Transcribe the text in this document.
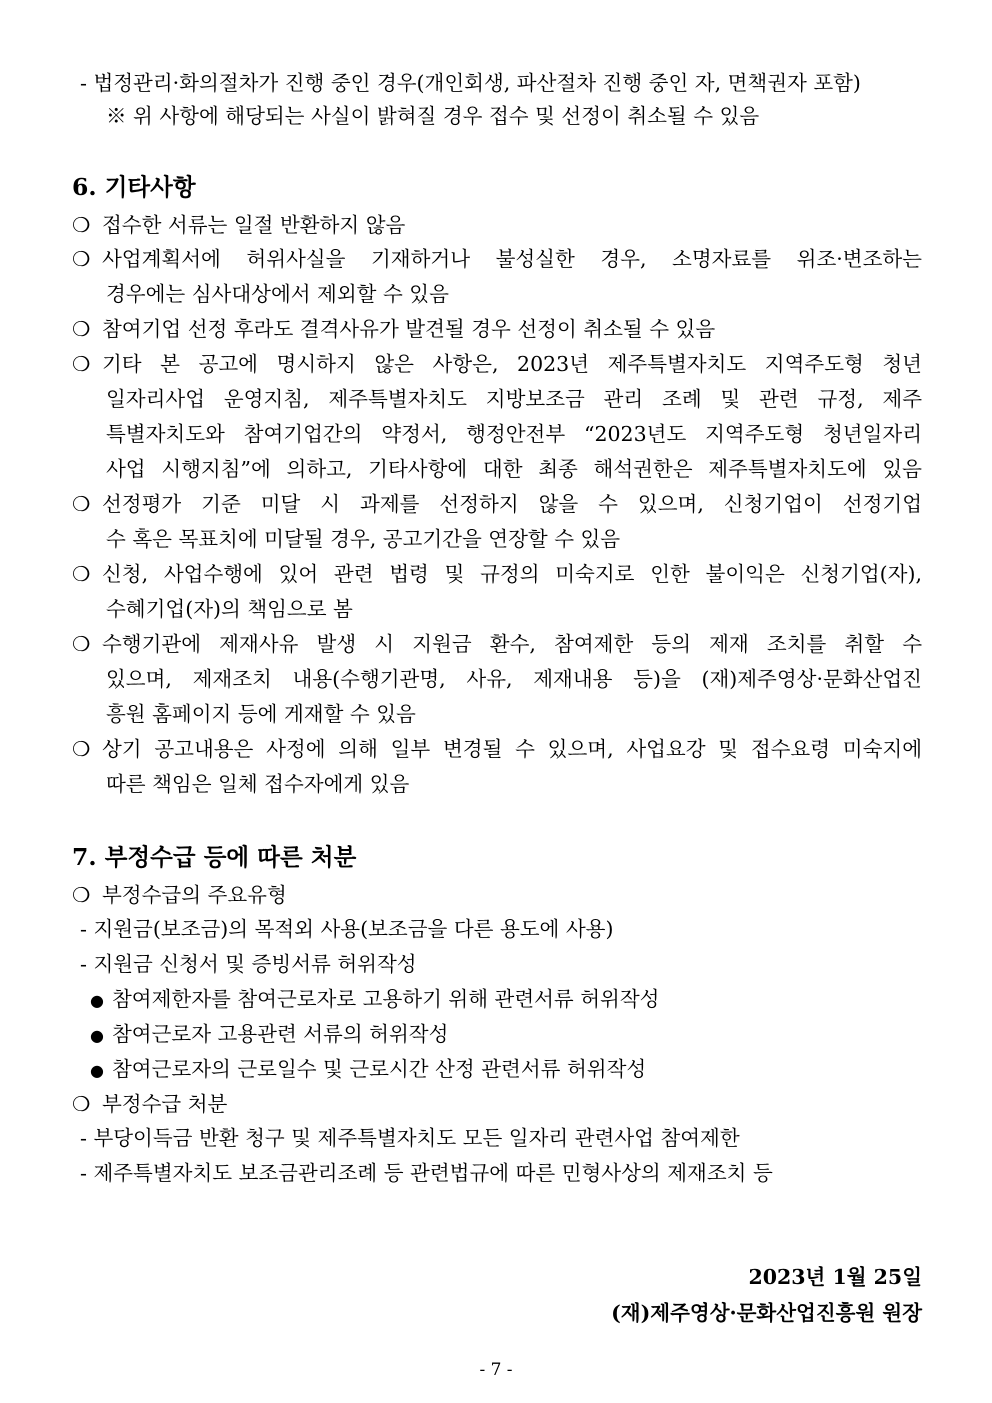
- 법정관리·화의절차가 진행 중인 경우(개인회생, 파산절차 진행 중인 자, 면책권자 포함)
※ 위 사항에 해당되는 사실이 밝혀질 경우 접수 및 선정이 취소될 수 있음
6. 기타사항
❍ 접수한 서류는 일절 반환하지 않음
❍ 사업계획서에 허위사실을 기재하거나 불성실한 경우, 소명자료를 위조·변조하는
경우에는 심사대상에서 제외할 수 있음
❍ 참여기업 선정 후라도 결격사유가 발견될 경우 선정이 취소될 수 있음
❍ 기타 본 공고에 명시하지 않은 사항은, 2023년 제주특별자치도 지역주도형 청년
일자리사업 운영지침, 제주특별자치도 지방보조금 관리 조례 및 관련 규정, 제주
특별자치도와 참여기업간의 약정서, 행정안전부 “2023년도 지역주도형 청년일자리
사업 시행지침”에 의하고, 기타사항에 대한 최종 해석권한은 제주특별자치도에 있음
❍ 선정평가 기준 미달 시 과제를 선정하지 않을 수 있으며, 신청기업이 선정기업
수 혹은 목표치에 미달될 경우, 공고기간을 연장할 수 있음
❍ 신청, 사업수행에 있어 관련 법령 및 규정의 미숙지로 인한 불이익은 신청기업(자),
수혜기업(자)의 책임으로 봄
❍ 수행기관에 제재사유 발생 시 지원금 환수, 참여제한 등의 제재 조치를 취할 수
있으며, 제재조치 내용(수행기관명, 사유, 제재내용 등)을 (재)제주영상·문화산업진
흥원 홈페이지 등에 게재할 수 있음
❍ 상기 공고내용은 사정에 의해 일부 변경될 수 있으며, 사업요강 및 접수요령 미숙지에
따른 책임은 일체 접수자에게 있음
7. 부정수급 등에 따른 처분
❍ 부정수급의 주요유형
- 지원금(보조금)의 목적외 사용(보조금을 다른 용도에 사용)
- 지원금 신청서 및 증빙서류 허위작성
● 참여제한자를 참여근로자로 고용하기 위해 관련서류 허위작성
● 참여근로자 고용관련 서류의 허위작성
● 참여근로자의 근로일수 및 근로시간 산정 관련서류 허위작성
❍ 부정수급 처분
- 부당이득금 반환 청구 및 제주특별자치도 모든 일자리 관련사업 참여제한
- 제주특별자치도 보조금관리조례 등 관련법규에 따른 민형사상의 제재조치 등
2023년 1월 25일
(재)제주영상·문화산업진흥원 원장
- 7 -
